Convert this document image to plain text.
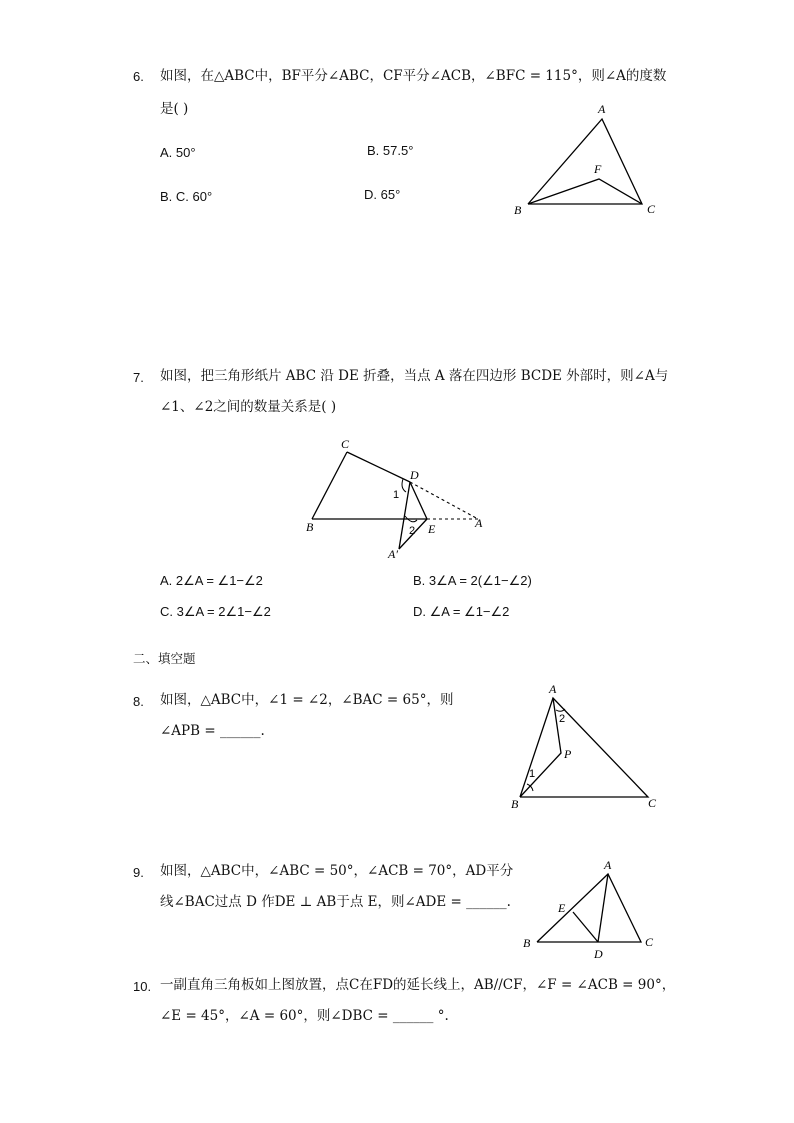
6. 如图，在△ABC中，BF平分∠ABC，CF平分∠ACB，∠BFC = 115°，则∠A的度数
是( )
A. 50°	B. 57.5°
B. C. 60°	D. 65°
A
F
B	C
7. 如图，把三角形纸片 ABC 沿 DE 折叠，当点 A 落在四边形 BCDE 外部时，则∠A与
∠1、∠2之间的数量关系是( )
C
D
1
2
B	E	A
A′
A. 2∠A = ∠1−∠2	B. 3∠A = 2(∠1−∠2)
C. 3∠A = 2∠1−∠2	D. ∠A = ∠1−∠2
二、填空题
8. 如图，△ABC中，∠1 = ∠2，∠BAC = 65°，则
∠APB = ______.
A
2
P
1
B	C
9. 如图，△ABC中，∠ABC = 50°，∠ACB = 70°，AD平分
线∠BAC过点 D 作DE ⊥ AB于点 E，则∠ADE = ______.
A
E
B
D
C
10. 一副直角三角板如上图放置，点C在FD的延长线上，AB//CF，∠F = ∠ACB = 90°，
∠E = 45°，∠A = 60°，则∠DBC = ______ °.
